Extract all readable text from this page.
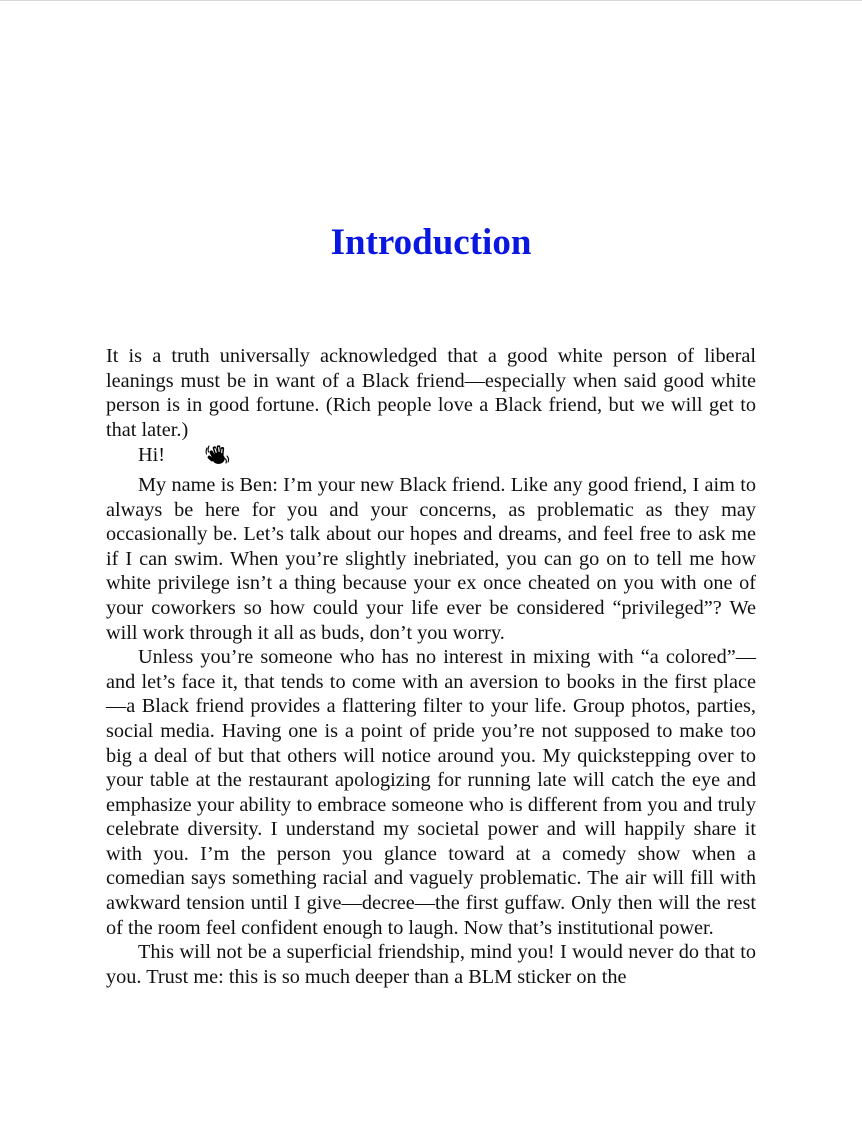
Introduction

It is a truth universally acknowledged that a good white person of liberal leanings must be in want of a Black friend—especially when said good white person is in good fortune. (Rich people love a Black friend, but we will get to that later.)

Hi!

My name is Ben: I’m your new Black friend. Like any good friend, I aim to always be here for you and your concerns, as problematic as they may occasionally be. Let’s talk about our hopes and dreams, and feel free to ask me if I can swim. When you’re slightly inebriated, you can go on to tell me how white privilege isn’t a thing because your ex once cheated on you with one of your coworkers so how could your life ever be considered “privileged”? We will work through it all as buds, don’t you worry.

Unless you’re someone who has no interest in mixing with “a colored”—and let’s face it, that tends to come with an aversion to books in the first place—a Black friend provides a flattering filter to your life. Group photos, parties, social media. Having one is a point of pride you’re not supposed to make too big a deal of but that others will notice around you. My quickstepping over to your table at the restaurant apologizing for running late will catch the eye and emphasize your ability to embrace someone who is different from you and truly celebrate diversity. I understand my societal power and will happily share it with you. I’m the person you glance toward at a comedy show when a comedian says something racial and vaguely problematic. The air will fill with awkward tension until I give—decree—the first guffaw. Only then will the rest of the room feel confident enough to laugh. Now that’s institutional power.

This will not be a superficial friendship, mind you! I would never do that to you. Trust me: this is so much deeper than a BLM sticker on the
